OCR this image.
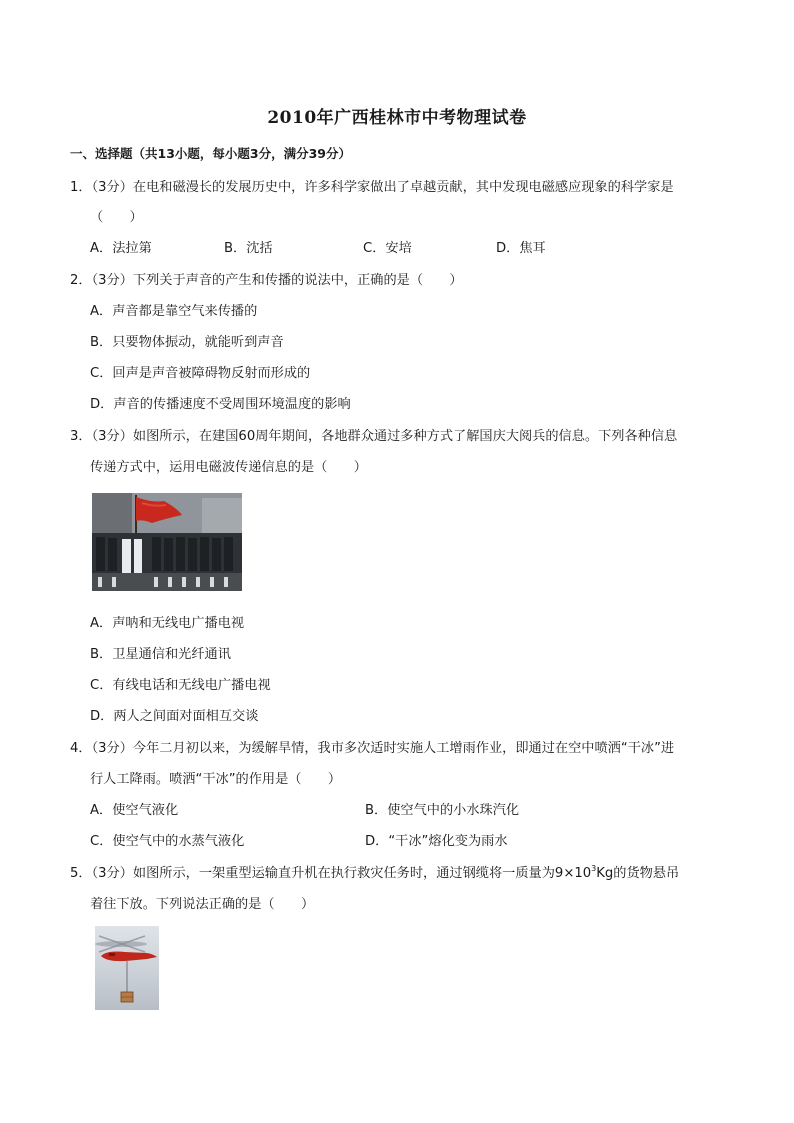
2010年广西桂林市中考物理试卷
一、选择题（共13小题，每小题3分，满分39分）
1．（3分）在电和磁漫长的发展历史中，许多科学家做出了卓越贡献，其中发现电磁感应现象的科学家是
（　　）
A．法拉第	B．沈括	C．安培	D．焦耳
2．（3分）下列关于声音的产生和传播的说法中，正确的是（　　）
A．声音都是靠空气来传播的
B．只要物体振动，就能听到声音
C．回声是声音被障碍物反射而形成的
D．声音的传播速度不受周围环境温度的影响
3．（3分）如图所示，在建国60周年期间，各地群众通过多种方式了解国庆大阅兵的信息。下列各种信息
传递方式中，运用电磁波传递信息的是（　　）
A．声呐和无线电广播电视
B．卫星通信和光纤通讯
C．有线电话和无线电广播电视
D．两人之间面对面相互交谈
4．（3分）今年二月初以来，为缓解旱情，我市多次适时实施人工增雨作业，即通过在空中喷洒“干冰”进
行人工降雨。喷洒“干冰”的作用是（　　）
A．使空气液化	B．使空气中的小水珠汽化
C．使空气中的水蒸气液化	D．“干冰”熔化变为雨水
5．（3分）如图所示，一架重型运输直升机在执行救灾任务时，通过钢缆将一质量为$9\times 10^3Kg$的货物悬吊
着往下放。下列说法正确的是（　　）
